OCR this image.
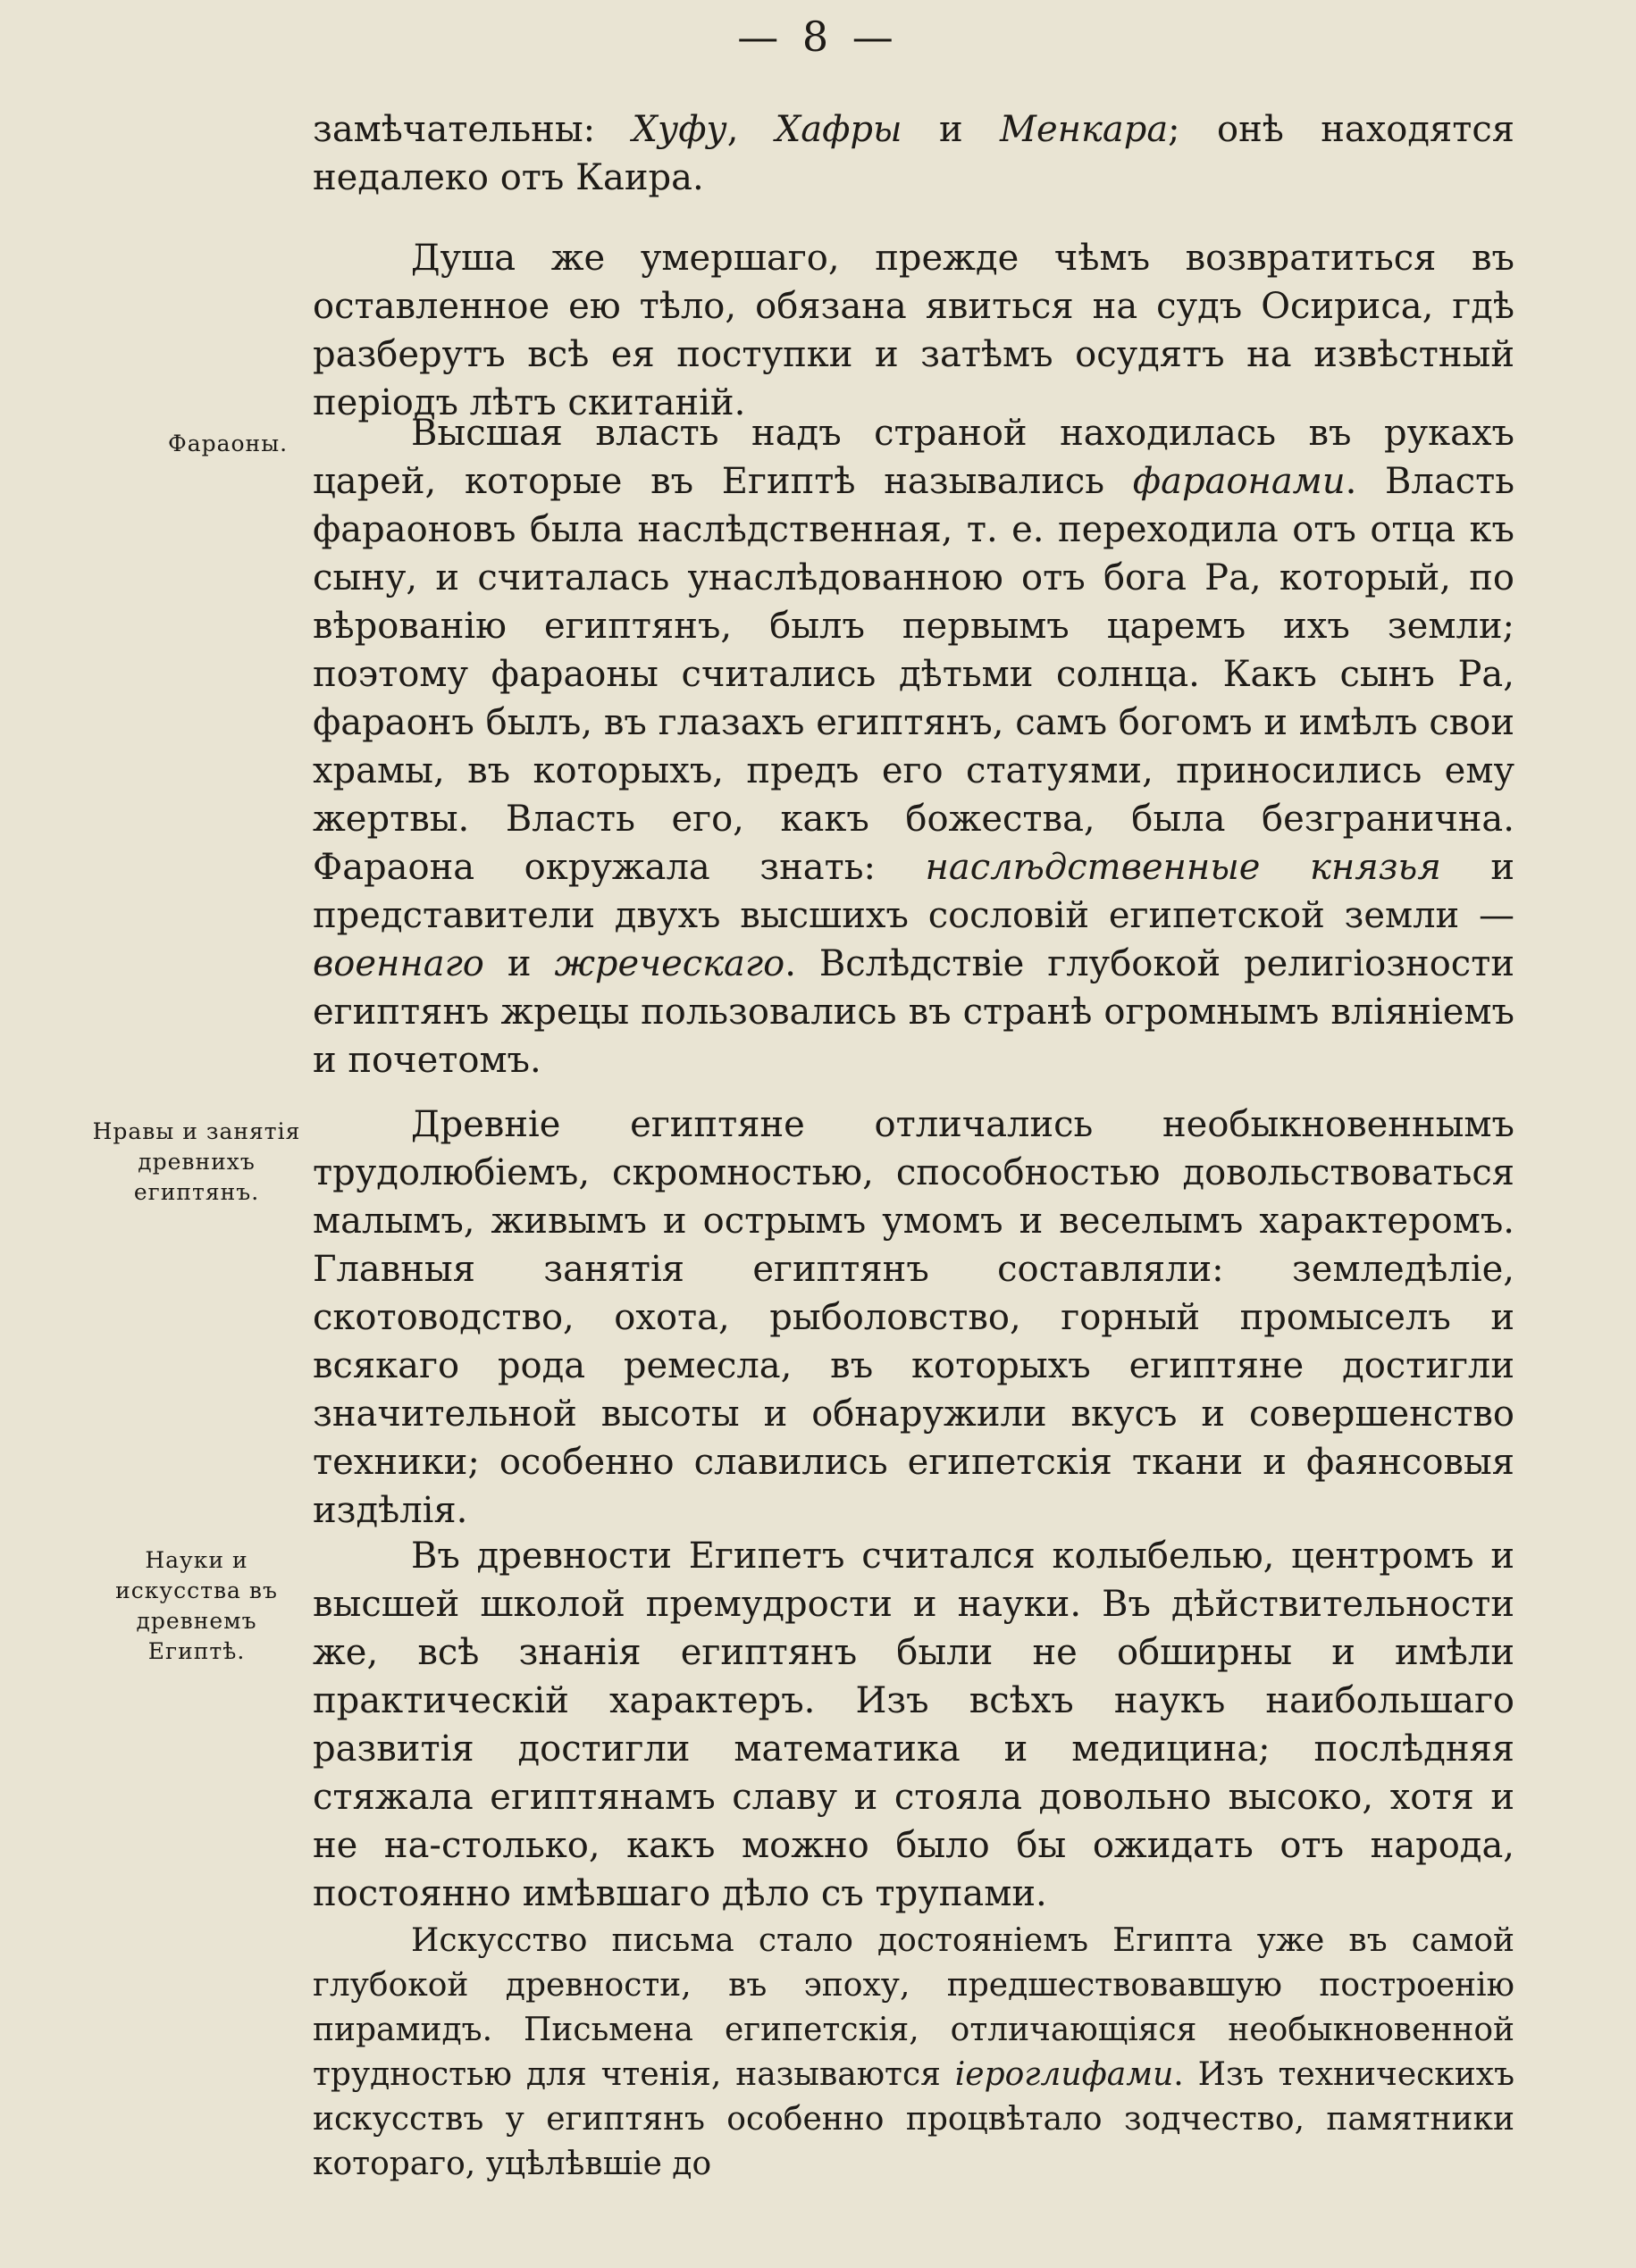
— 8 —
Фараоны.
Нравы и занятія древнихъ египтянъ.
Науки и искусства въ древнемъ Египтѣ.
замѣчательны: Хуфу, Хафры и Менкара; онѣ находятся недалеко отъ Каира.
Душа же умершаго, прежде чѣмъ возвратиться въ оставленное ею тѣло, обязана явиться на судъ Осириса, гдѣ разберутъ всѣ ея поступки и затѣмъ осудятъ на извѣстный періодъ лѣтъ скитаній.
Высшая власть надъ страной находилась въ рукахъ царей, которые въ Египтѣ назывались фараонами. Власть фараоновъ была наслѣдственная, т. е. переходила отъ отца къ сыну, и считалась унаслѣдованною отъ бога Ра, который, по вѣрованію египтянъ, былъ первымъ царемъ ихъ земли; поэтому фараоны считались дѣтьми солнца. Какъ сынъ Ра, фараонъ былъ, въ глазахъ египтянъ, самъ богомъ и имѣлъ свои храмы, въ которыхъ, предъ его статуями, приносились ему жертвы. Власть его, какъ божества, была безгранична. Фараона окружала знать: наслѣдственные князья и представители двухъ высшихъ сословій египетской земли — военнаго и жреческаго. Вслѣдствіе глубокой религіозности египтянъ жрецы пользовались въ странѣ огромнымъ вліяніемъ и почетомъ.
Древніе египтяне отличались необыкновеннымъ трудолюбіемъ, скромностью, способностью довольствоваться малымъ, живымъ и острымъ умомъ и веселымъ характеромъ. Главныя занятія египтянъ составляли: земледѣліе, скотоводство, охота, рыболовство, горный промыселъ и всякаго рода ремесла, въ которыхъ египтяне достигли значительной высоты и обнаружили вкусъ и совершенство техники; особенно славились египетскія ткани и фаянсовыя издѣлія.
Въ древности Египетъ считался колыбелью, центромъ и высшей школой премудрости и науки. Въ дѣйствительности же, всѣ знанія египтянъ были не обширны и имѣли практическій характеръ. Изъ всѣхъ наукъ наибольшаго развитія достигли математика и медицина; послѣдняя стяжала египтянамъ славу и стояла довольно высоко, хотя и не на-столько, какъ можно было бы ожидать отъ народа, постоянно имѣвшаго дѣло съ трупами.
Искусство письма стало достояніемъ Египта уже въ самой глубокой древности, въ эпоху, предшествовавшую построенію пирамидъ. Письмена египетскія, отличающіяся необыкновенной трудностью для чтенія, называются іероглифами. Изъ техническихъ искусствъ у египтянъ особенно процвѣтало зодчество, памятники котораго, уцѣлѣвшіе до
